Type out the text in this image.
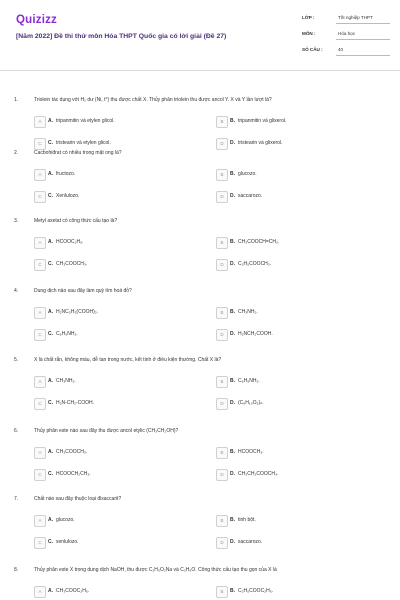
Quizizz
[Năm 2022] Đề thi thử môn Hóa THPT Quốc gia có lời giải (Đề 27)
LỚP :	Tốt nghiệp THPT
MÔN :	Hóa học
SỐ CÂU :	40
1.	Triolein tác dụng với H₂ dư (Ni, t°) thu được chất X. Thủy phân triolein thu được ancol Y. X và Y lần lượt là?
A	A. tripanmitin và etylen glicol.	B	B. tripanmitin và glixerol.
C	C. tristearin và etylen glicol.	D	D. tristearin và glixerol.
2.	Cacbohiđrat có nhiều trong mật ong là?
A	A. fructozo.	B	B. glucozo.
C	C. Xenlulozo.	D	D. saccarozo.
3.	Metyl axetat có công thức cấu tạo là?
A	A. HCOOC₂H₅.	B	B. CH₃COOCH=CH₂.
C	C. CH₃COOCH₃.	D	D. C₂H₅COOCH₃.
4.	Dung dịch nào sau đây làm quỳ tím hoá đỏ?
A	A. H₂NC₃H₅(COOH)₂.	B	B. CH₃NH₂.
C	C. C₆H₅NH₂.	D	D. H₂NCH₂COOH.
5.	X là chất rắn, không màu, dễ tan trong nước, kết tinh ở điều kiện thường. Chất X là?
A	A. CH₃NH₂.	B	B. C₆H₅NH₂.
C	C. H₂N-CH₂-COOH.	D	D. (C₆H₁₀O₅)ₙ.
6.	Thủy phân este nào sau đây thu được ancol etylic (CH₃CH₂OH)?
A	A. CH₃COOCH₃.	B	B. HCOOCH₃.
C	C. HCOOCH₂CH₃.	D	D. CH₃CH₂COOCH₃.
7.	Chất nào sau đây thuộc loại đisaccarit?
A	A. glucozo.	B	B. tinh bột.
C	C. xenlulozo.	D	D. saccarozo.
8.	Thủy phân este X trong dung dịch NaOH, thu được C₂H₃O₂Na và C₂H₆O. Công thức cấu tạo thu gọn của X là
A	A. CH₃COOC₂H₅.	B	B. C₂H₅COOC₂H₅.
